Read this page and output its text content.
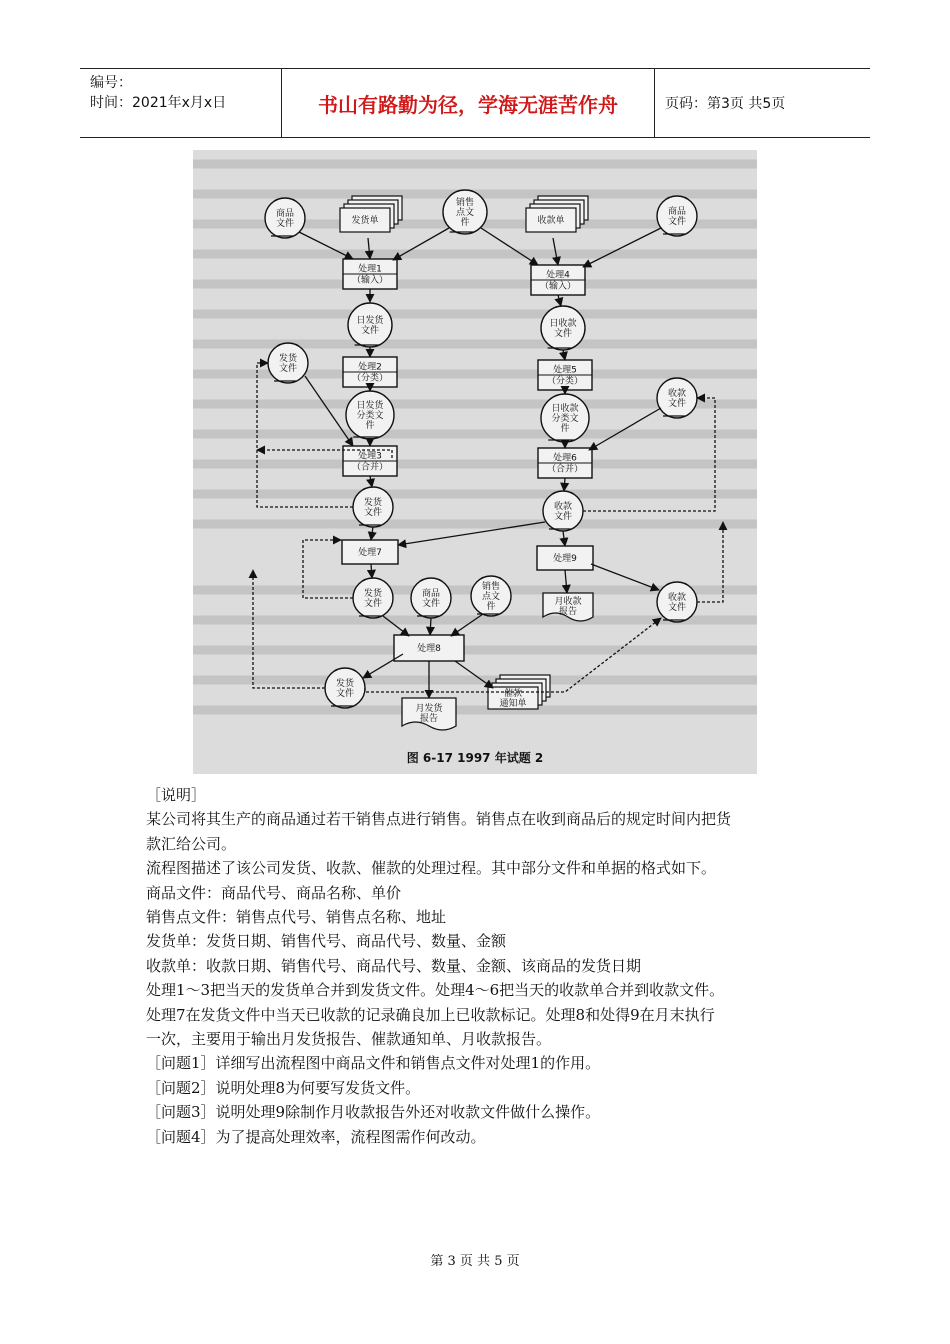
编号：
时间：2021年x月x日	书山有路勤为径，学海无涯苦作舟	页码：第3页 共5页
商品
文件	发货单
销售
点文
件	收款单
商品
文件
处理1
（输入）	处理4
（输入）
日发货
文件
日收款
文件
发货
文件	处理2
（分类）
处理5
（分类）
收款
文件
日发货
分类文
件
日收款
分类文
件
处理3
（合并）
处理6
（合并）
发货
文件
收款
文件
处理7
处理9
发货
文件
商品
文件
销售
点文
件	月收款
报告
收款
文件
处理8
发货
文件
月发货
报告
催款
通知单
图 6-17 1997 年试题 2

［说明］

某公司将其生产的商品通过若干销售点进行销售。销售点在收到商品后的规定时间内把货

款汇给公司。

流程图描述了该公司发货、收款、催款的处理过程。其中部分文件和单据的格式如下。

商品文件：商品代号、商品名称、单价

销售点文件：销售点代号、销售点名称、地址

发货单：发货日期、销售代号、商品代号、数量、金额

收款单：收款日期、销售代号、商品代号、数量、金额、该商品的发货日期

处理1～3把当天的发货单合并到发货文件。处理4～6把当天的收款单合并到收款文件。

处理7在发货文件中当天已收款的记录确良加上已收款标记。处理8和处得9在月末执行

一次，主要用于输出月发货报告、催款通知单、月收款报告。

［问题1］详细写出流程图中商品文件和销售点文件对处理1的作用。

［问题2］说明处理8为何要写发货文件。

［问题3］说明处理9除制作月收款报告外还对收款文件做什么操作。

［问题4］为了提高处理效率，流程图需作何改动。

第 3 页 共 5 页
